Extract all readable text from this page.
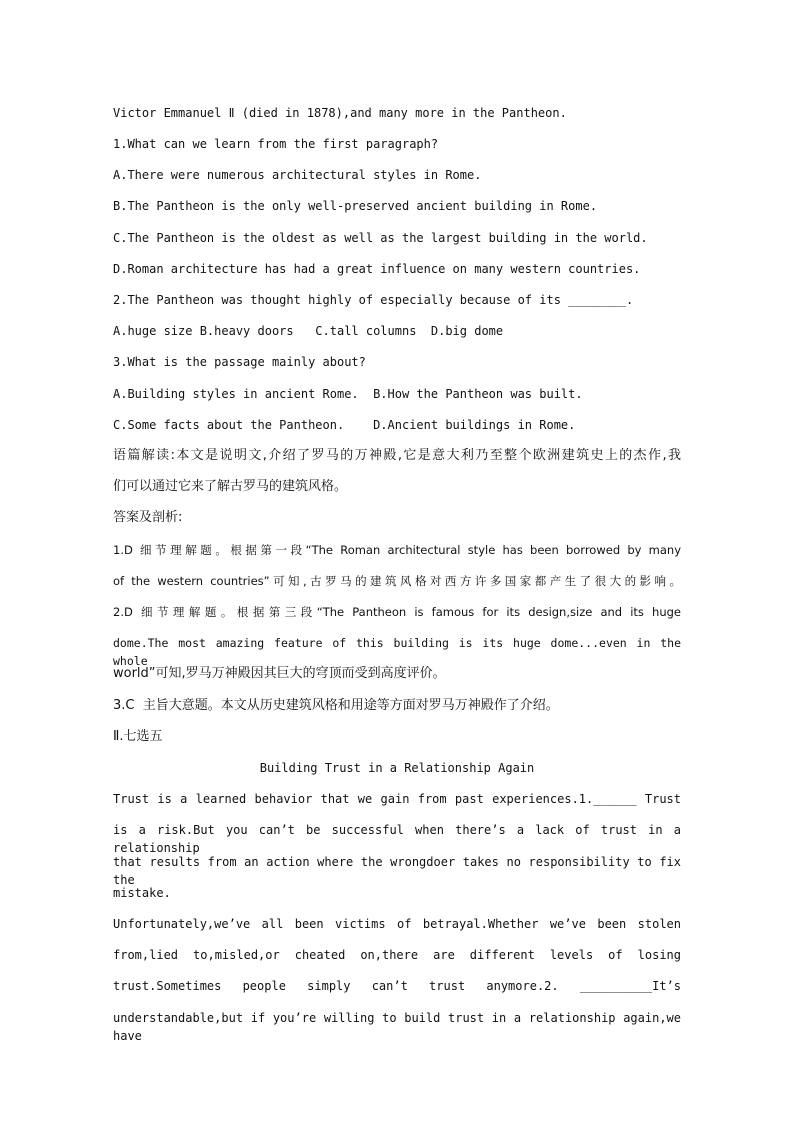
Victor Emmanuel Ⅱ (died in 1878),and many more in the Pantheon.
1.What can we learn from the first paragraph?
A.There were numerous architectural styles in Rome.
B.The Pantheon is the only well-preserved ancient building in Rome.
C.The Pantheon is the oldest as well as the largest building in the world.
D.Roman architecture has had a great influence on many western countries.
2.The Pantheon was thought highly of especially because of its ________.
A.huge size B.heavy doors   C.tall columns  D.big dome
3.What is the passage mainly about?
A.Building styles in ancient Rome.  B.How the Pantheon was built.
C.Some facts about the Pantheon.    D.Ancient buildings in Rome.
语篇解读:本文是说明文,介绍了罗马的万神殿,它是意大利乃至整个欧洲建筑史上的杰作,我
们可以通过它来了解古罗马的建筑风格。
答案及剖析:
1.D 细节理解题。根据第一段“The Roman architectural style has been borrowed by many
of the western countries”可知,古罗马的建筑风格对西方许多国家都产生了很大的影响。
2.D 细节理解题。根据第三段“The Pantheon is famous for its design,size and its huge
dome.The most amazing feature of this building is its huge dome...even in the whole
world”可知,罗马万神殿因其巨大的穹顶而受到高度评价。
3.C  主旨大意题。本文从历史建筑风格和用途等方面对罗马万神殿作了介绍。
Ⅱ.七选五
Building Trust in a Relationship Again
Trust is a learned behavior that we gain from past experiences.1.______ Trust
is a risk.But you can’t be successful when there’s a lack of trust in a relationship
that results from an action where the wrongdoer takes no responsibility to fix the
mistake.
Unfortunately,we’ve all been victims of betrayal.Whether we’ve been stolen
from,lied to,misled,or cheated on,there are different levels of losing
trust.Sometimes people simply can’t trust anymore.2. __________It’s
understandable,but if you’re willing to build trust in a relationship again,we have
